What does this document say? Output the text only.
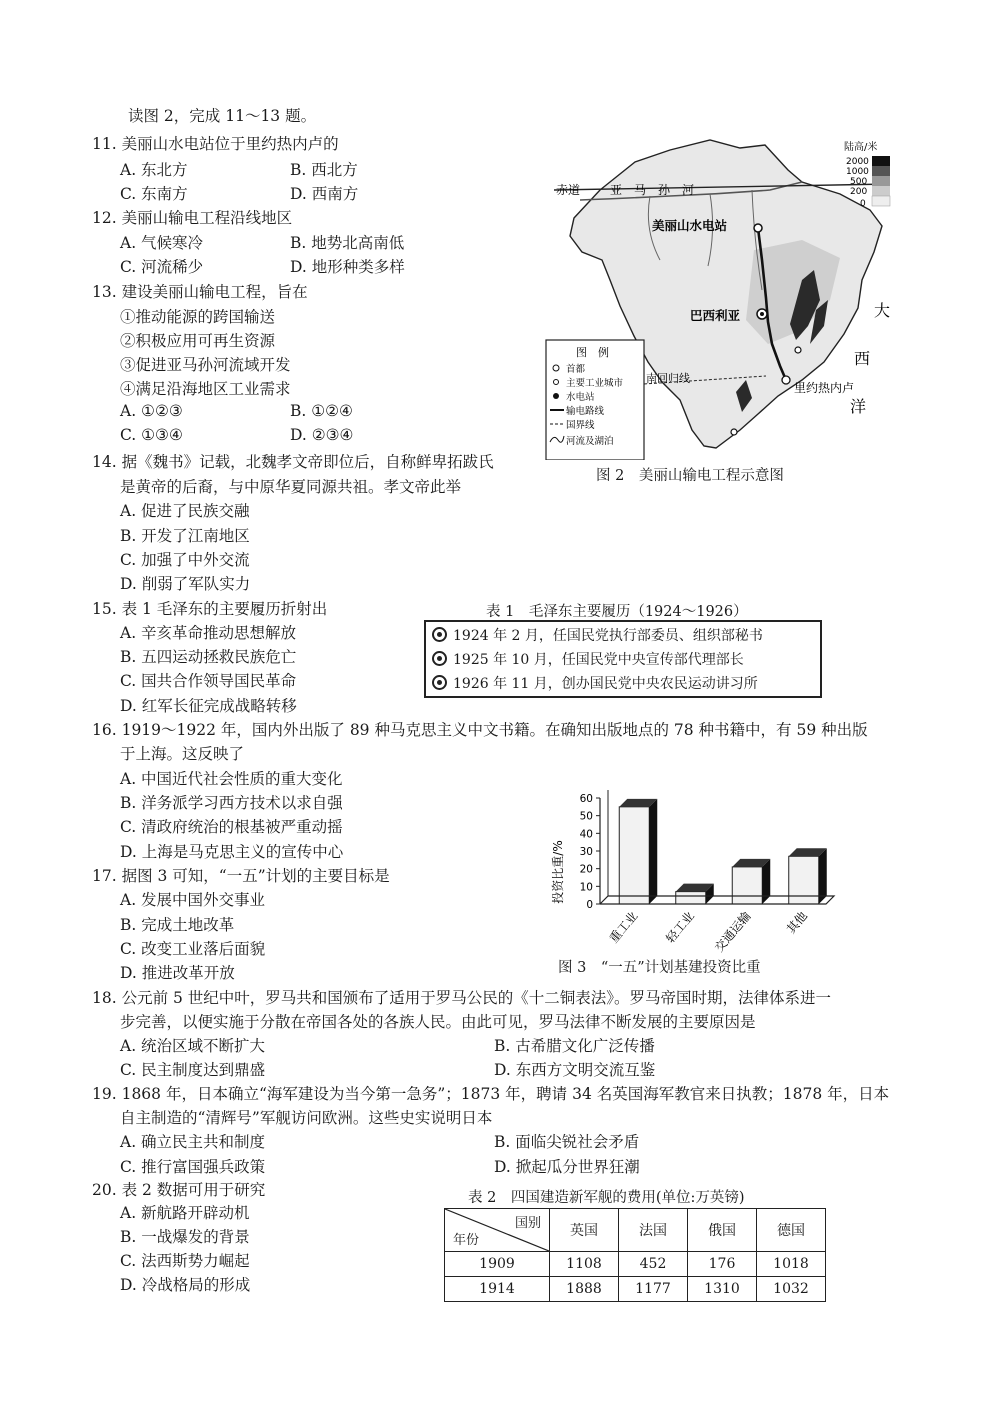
读图 2，完成 11～13 题。
11. 美丽山水电站位于里约热内卢的
A. 东北方	B. 西北方
C. 东南方	D. 西南方
12. 美丽山输电工程沿线地区
A. 气候寒冷	B. 地势北高南低
C. 河流稀少	D. 地形种类多样
13. 建设美丽山输电工程，旨在
①推动能源的跨国输送
②积极应用可再生资源
③促进亚马孙河流域开发
④满足沿海地区工业需求
A. ①②③	B. ①②④
C. ①③④	D. ②③④
14. 据《魏书》记载，北魏孝文帝即位后，自称鲜卑拓跋氏
是黄帝的后裔，与中原华夏同源共祖。孝文帝此举
A. 促进了民族交融
B. 开发了江南地区
C. 加强了中外交流
D. 削弱了军队实力
15. 表 1 毛泽东的主要履历折射出
A. 辛亥革命推动思想解放
B. 五四运动拯救民族危亡
C. 国共合作领导国民革命
D. 红军长征完成战略转移
表 1　毛泽东主要履历（1924～1926）
1924 年 2 月，任国民党执行部委员、组织部秘书
1925 年 10 月，任国民党中央宣传部代理部长
1926 年 11 月，创办国民党中央农民运动讲习所
16. 1919～1922 年，国内外出版了 89 种马克思主义中文书籍。在确知出版地点的 78 种书籍中，有 59 种出版
于上海。这反映了
A. 中国近代社会性质的重大变化
B. 洋务派学习西方技术以求自强
C. 清政府统治的根基被严重动摇
D. 上海是马克思主义的宣传中心
17. 据图 3 可知，“一五”计划的主要目标是
A. 发展中国外交事业
B. 完成土地改革
C. 改变工业落后面貌
D. 推进改革开放
投资比重/%
0
10
20
30
40
50
60
重工业 轻工业 交通运输	其他
图 3　“一五”计划基建投资比重
18. 公元前 5 世纪中叶，罗马共和国颁布了适用于罗马公民的《十二铜表法》。罗马帝国时期，法律体系进一
步完善，以便实施于分散在帝国各处的各族人民。由此可见，罗马法律不断发展的主要原因是
A. 统治区域不断扩大	B. 古希腊文化广泛传播
C. 民主制度达到鼎盛	D. 东西方文明交流互鉴
19. 1868 年，日本确立“海军建设为当今第一急务”；1873 年，聘请 34 名英国海军教官来日执教；1878 年，日本
自主制造的“清辉号”军舰访问欧洲。这些史实说明日本
A. 确立民主共和制度	B. 面临尖锐社会矛盾
C. 推行富国强兵政策	D. 掀起瓜分世界狂潮
20. 表 2 数据可用于研究
A. 新航路开辟动机
B. 一战爆发的背景
C. 法西斯势力崛起
D. 冷战格局的形成
表 2　四国建造新军舰的费用(单位:万英镑)
国别
年份	英国	法国	俄国	德国
1909	1108	452	176	1018
1914	1888	1177	1310	1032
赤道 亚　马　孙　河
美丽山水电站
巴西利亚
南回归线
里约热内卢
大
西
洋
陆高/米
2000
1000
500
200
0
图　例
首都
主要工业城市
水电站
输电路线
国界线
河流及湖泊
图 2　美丽山输电工程示意图
